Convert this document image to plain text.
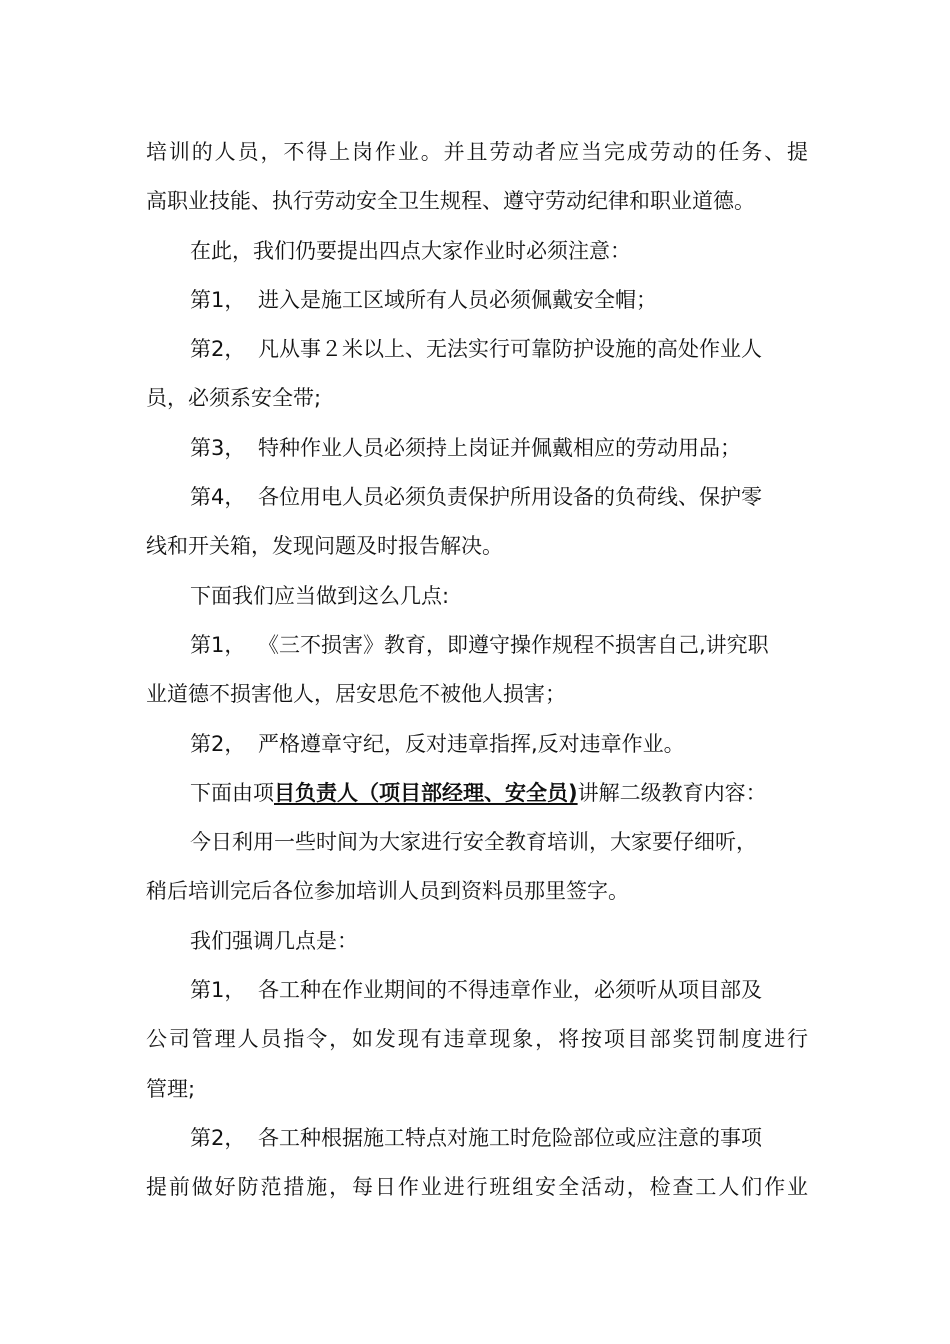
培训的人员，不得上岗作业。并且劳动者应当完成劳动的任务、提
高职业技能、执行劳动安全卫生规程、遵守劳动纪律和职业道德。
在此，我们仍要提出四点大家作业时必须注意：
第1， 进入是施工区域所有人员必须佩戴安全帽；
第2， 凡从事２米以上、无法实行可靠防护设施的高处作业人
员，必须系安全带;
第3， 特种作业人员必须持上岗证并佩戴相应的劳动用品；
第4， 各位用电人员必须负责保护所用设备的负荷线、保护零
线和开关箱，发现问题及时报告解决。
下面我们应当做到这么几点:
第1， 《三不损害》教育，即遵守操作规程不损害自己,讲究职
业道德不损害他人，居安思危不被他人损害；
第2， 严格遵章守纪，反对违章指挥,反对违章作业。
下面由项 目负责人（项目部经理、安全员) 讲解二级教育内容：
今日利用一些时间为大家进行安全教育培训，大家要仔细听，
稍后培训完后各位参加培训人员到资料员那里签字。
我们强调几点是：
第1， 各工种在作业期间的不得违章作业，必须听从项目部及
公司管理人员指令，如发现有违章现象，将按项目部奖罚制度进行
管理;
第2， 各工种根据施工特点对施工时危险部位或应注意的事项
提前做好防范措施，每日作业进行班组安全活动，检查工人们作业
